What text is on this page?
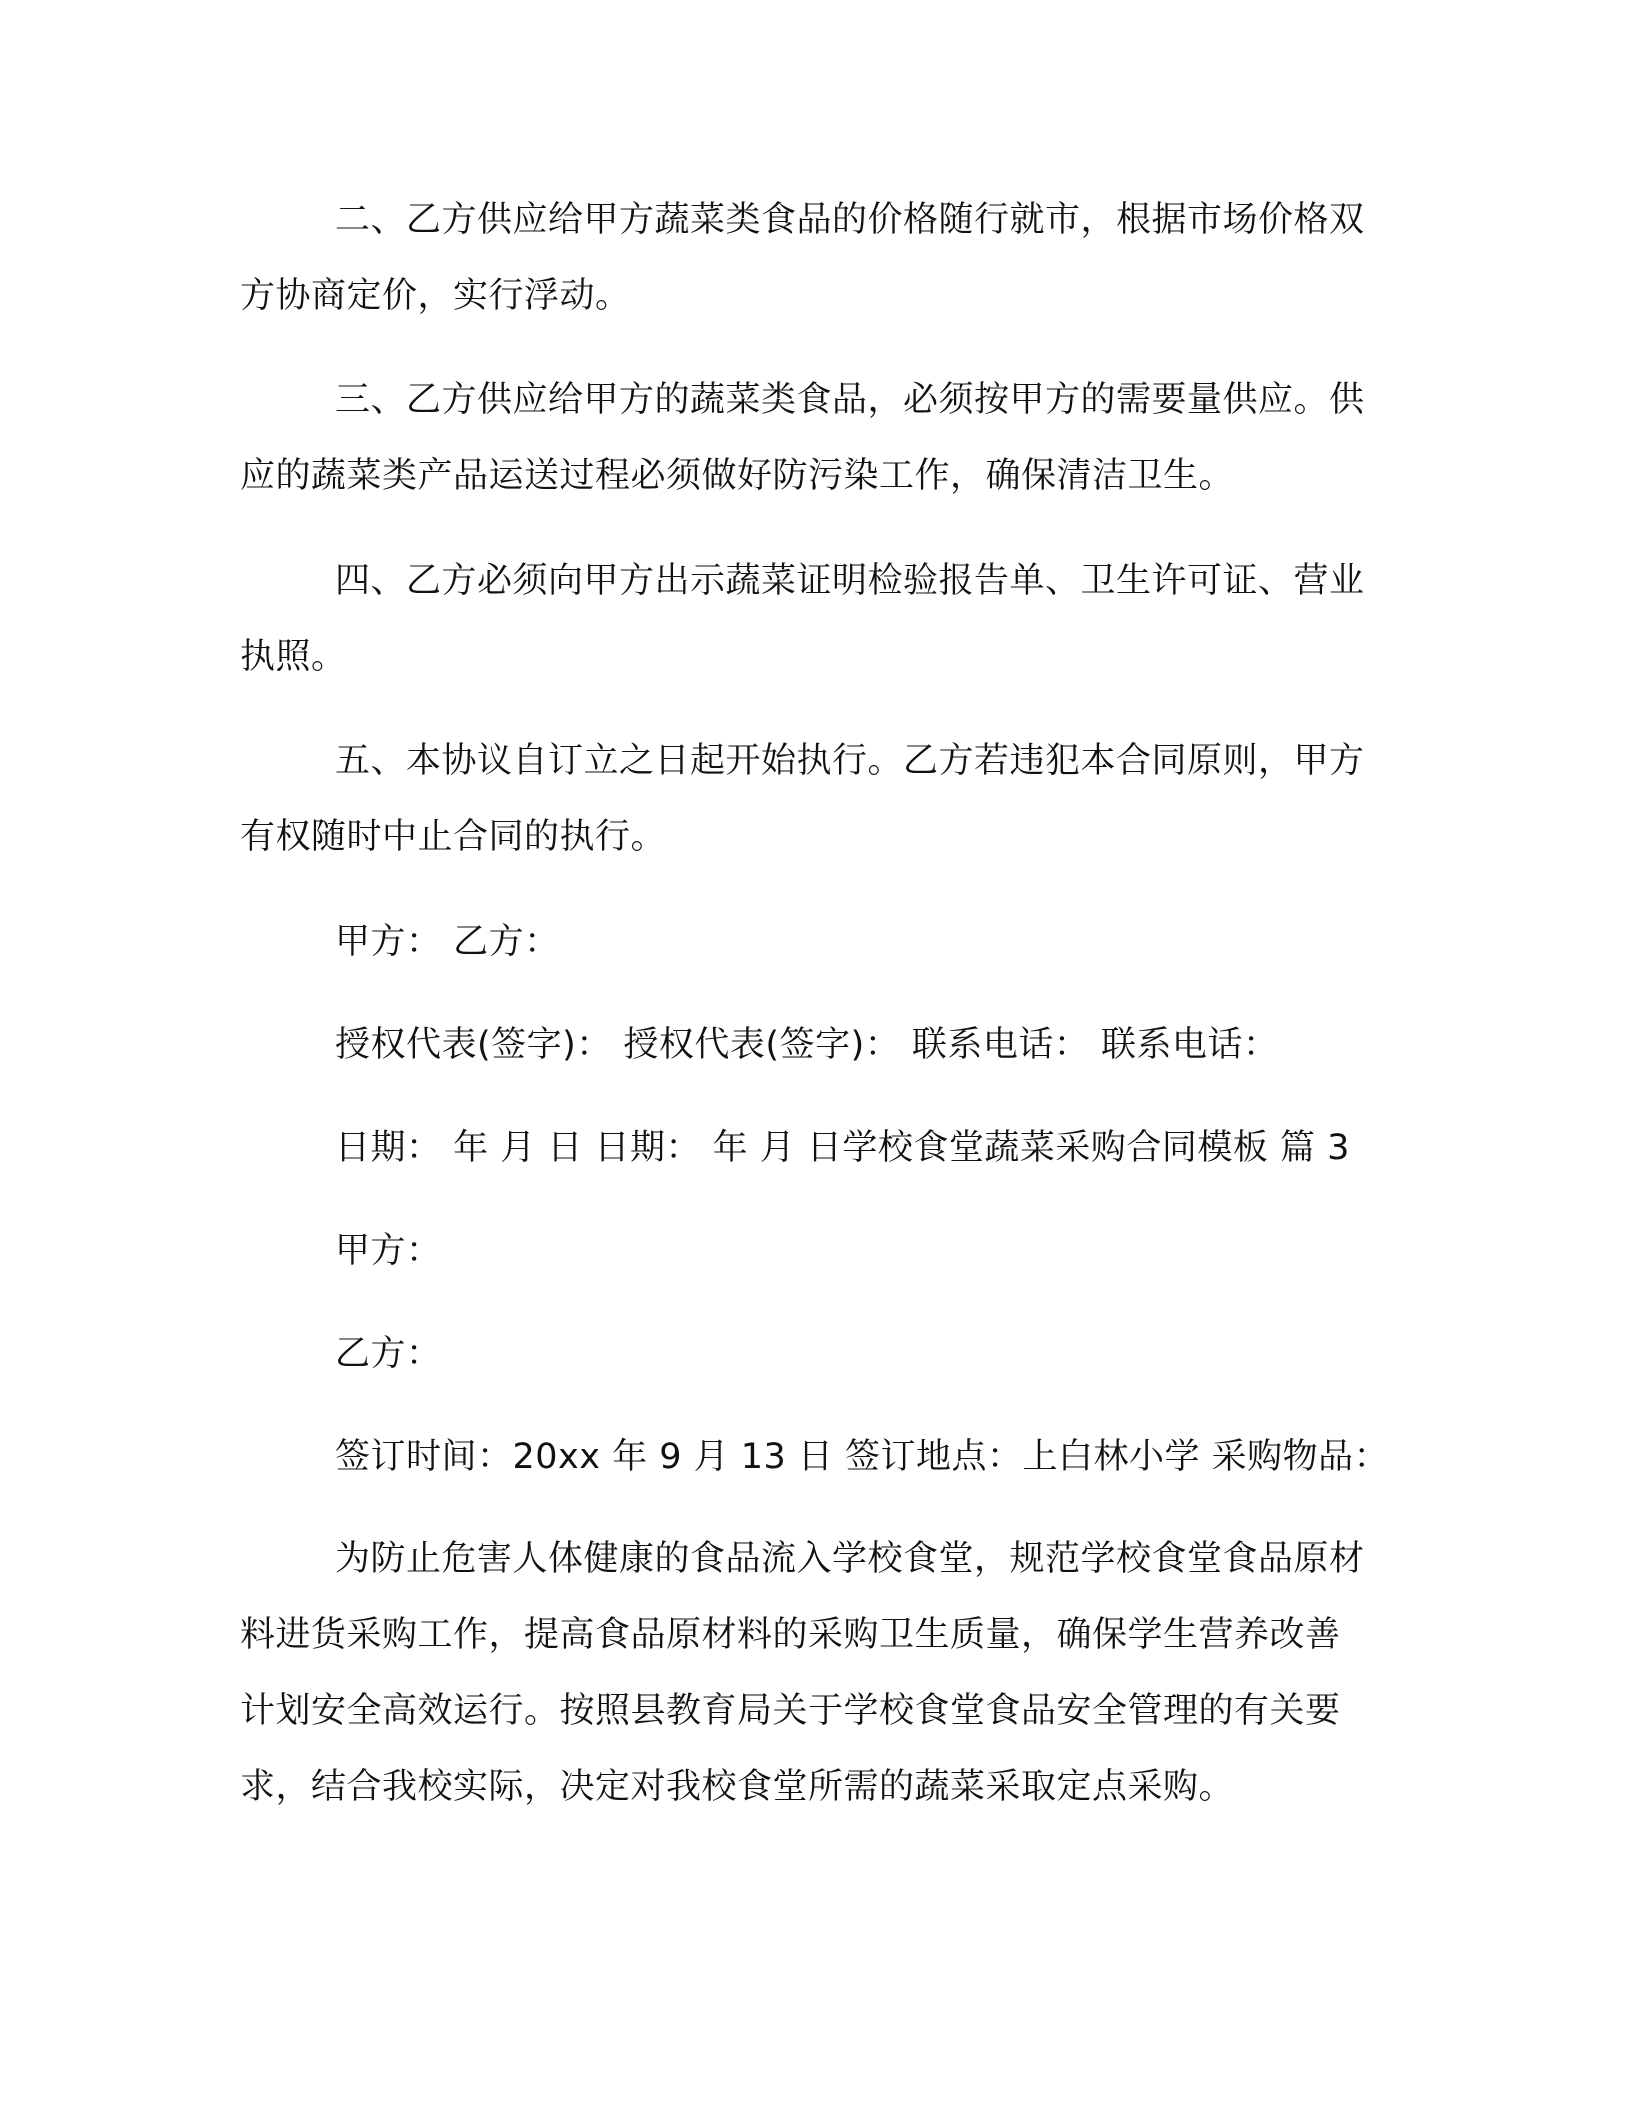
二、乙方供应给甲方蔬菜类食品的价格随行就市，根据市场价格双方协商定价，实行浮动。

三、乙方供应给甲方的蔬菜类食品，必须按甲方的需要量供应。供应的蔬菜类产品运送过程必须做好防污染工作，确保清洁卫生。

四、乙方必须向甲方出示蔬菜证明检验报告单、卫生许可证、营业执照。

五、本协议自订立之日起开始执行。乙方若违犯本合同原则，甲方有权随时中止合同的执行。

甲方： 乙方：

授权代表(签字)： 授权代表(签字)： 联系电话： 联系电话：

日期： 年 月 日 日期： 年 月 日学校食堂蔬菜采购合同模板 篇 3

甲方：

乙方：

签订时间：20xx 年 9 月 13 日 签订地点：上白林小学 采购物品：

为防止危害人体健康的食品流入学校食堂，规范学校食堂食品原材料进货采购工作，提高食品原材料的采购卫生质量，确保学生营养改善计划安全高效运行。按照县教育局关于学校食堂食品安全管理的有关要求，结合我校实际，决定对我校食堂所需的蔬菜采取定点采购。
